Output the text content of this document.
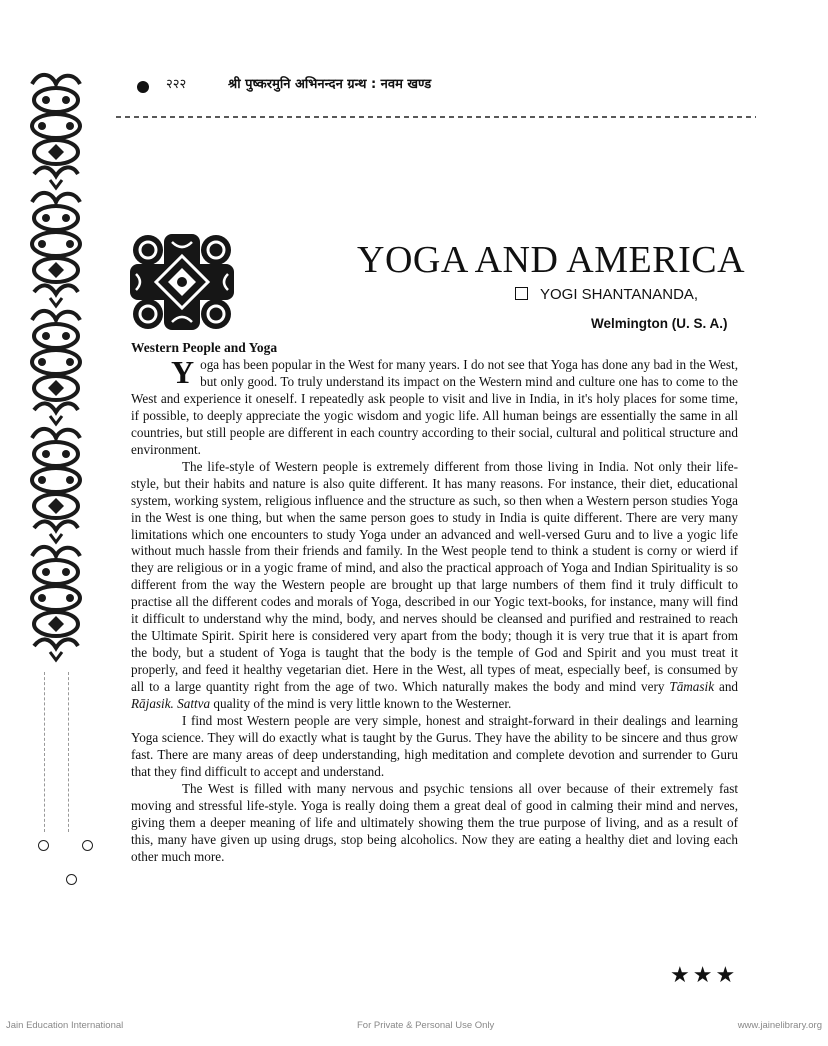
२२२	श्री पुष्करमुनि अभिनन्दन ग्रन्थ : नवम खण्ड
YOGA AND AMERICA
YOGI SHANTANANDA,
Welmington (U. S. A.)
Western People and Yoga

Yoga has been popular in the West for many years. I do not see that Yoga has done any bad in the West, but only good. To truly understand its impact on the Western mind and culture one has to come to the West and experience it oneself. I repeatedly ask people to visit and live in India, in it's holy places for some time, if possible, to deeply appreciate the yogic wisdom and yogic life. All human beings are essentially the same in all countries, but still people are different in each country according to their social, cultural and political structure and environment.

The life-style of Western people is extremely different from those living in India. Not only their life-style, but their habits and nature is also quite different. It has many reasons. For instance, their diet, educational system, working system, religious influence and the structure as such, so then when a Western person studies Yoga in the West is one thing, but when the same person goes to study in India is quite different. There are very many limitations which one encounters to study Yoga under an advanced and well-versed Guru and to live a yogic life without much hassle from their friends and family. In the West people tend to think a student is corny or wierd if they are religious or in a yogic frame of mind, and also the practical approach of Yoga and Indian Spirituality is so different from the way the Western people are brought up that large numbers of them find it truly difficult to practise all the different codes and morals of Yoga, described in our Yogic text-books, for instance, many will find it difficult to understand why the mind, body, and nerves should be cleansed and purified and restrained to reach the Ultimate Spirit. Spirit here is considered very apart from the body; though it is very true that it is apart from the body, but a student of Yoga is taught that the body is the temple of God and Spirit and you must treat it properly, and feed it healthy vegetarian diet. Here in the West, all types of meat, especially beef, is consumed by all to a large quantity right from the age of two. Which naturally makes the body and mind very Tāmasik and Rājasik. Sattva quality of the mind is very little known to the Westerner.

I find most Western people are very simple, honest and straight-forward in their dealings and learning Yoga science. They will do exactly what is taught by the Gurus. They have the ability to be sincere and thus grow fast. There are many areas of deep understanding, high meditation and complete devotion and surrender to Guru that they find difficult to accept and understand.

The West is filled with many nervous and psychic tensions all over because of their extremely fast moving and stressful life-style. Yoga is really doing them a great deal of good in calming their mind and nerves, giving them a deeper meaning of life and ultimately showing them the true purpose of living, and as a result of this, many have given up using drugs, stop being alcoholics. Now they are eating a healthy diet and loving each other much more.

★★★
Jain Education International	For Private & Personal Use Only	www.jainelibrary.org
